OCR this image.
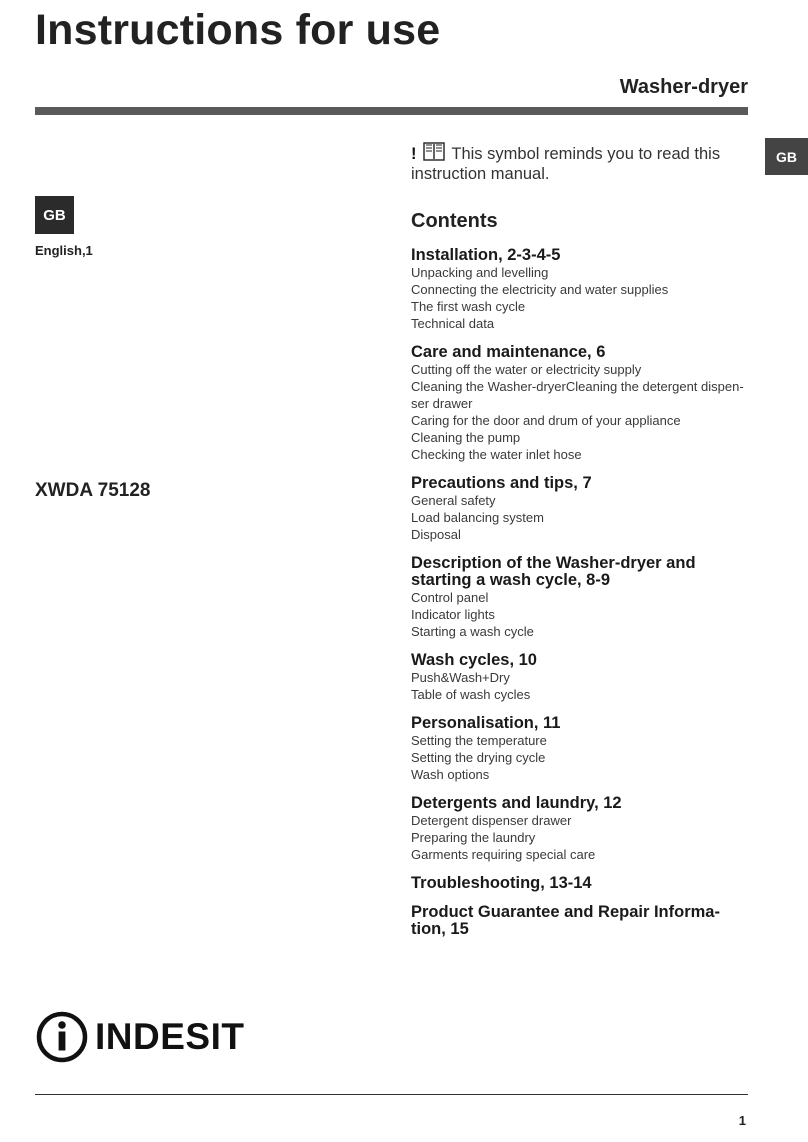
Instructions for use
Washer-dryer
GB
GB
English,1
XWDA 75128
! This symbol reminds you to read this instruction manual.
Contents
Installation, 2-3-4-5
Unpacking and levelling
Connecting the electricity and water supplies
The first wash cycle
Technical data
Care and maintenance, 6
Cutting off the water or electricity supply
Cleaning the Washer-dryerCleaning the detergent dispen-ser drawer
Caring for the door and drum of your appliance
Cleaning the pump
Checking the water inlet hose
Precautions and tips, 7
General safety
Load balancing system
Disposal
Description of the Washer-dryer and starting a wash cycle, 8-9
Control panel
Indicator lights
Starting a wash cycle
Wash cycles, 10
Push&Wash+Dry
Table of wash cycles
Personalisation, 11
Setting the temperature
Setting the drying cycle
Wash options
Detergents and laundry, 12
Detergent dispenser drawer
Preparing the laundry
Garments requiring special care
Troubleshooting, 13-14
Product Guarantee and Repair Informa-tion, 15
INDESIT
1
